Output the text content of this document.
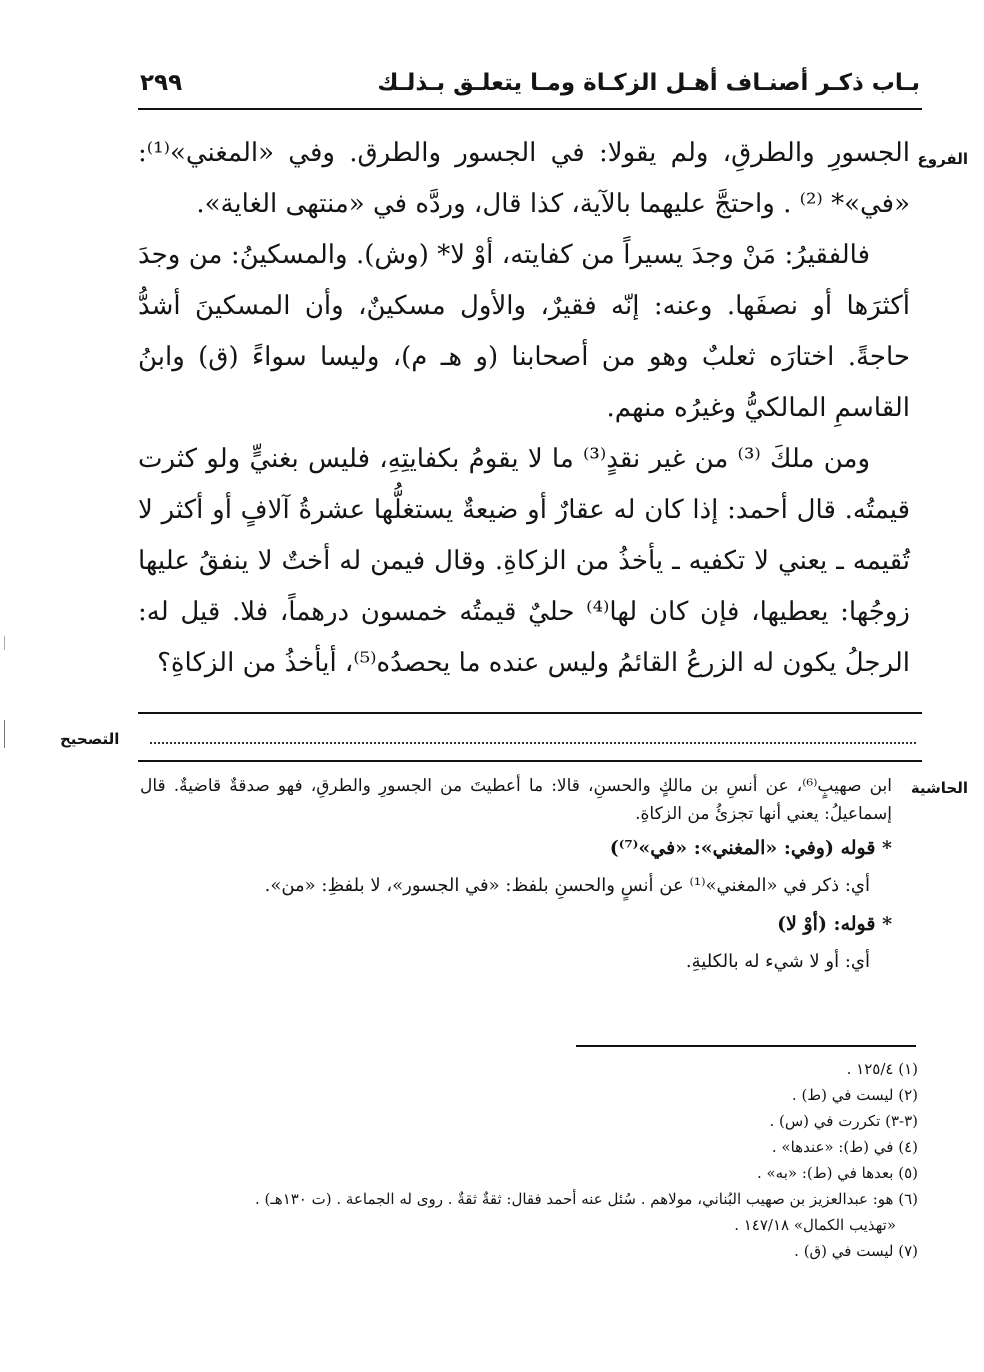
بـاب ذكـر أصنـاف أهـل الزكـاة ومـا يتعلـق بـذلـك
٢٩٩
الفروع

الجسورِ والطرقِ، ولم يقولا: في الجسور والطرق. وفي «المغني»⁽¹⁾: «في»* ⁽²⁾ . واحتجَّ عليهما بالآية، كذا قال، وردَّه في «منتهى الغاية».

فالفقيرُ: مَنْ وجدَ يسيراً من كفايته، أوْ لا* (وش). والمسكينُ: من وجدَ أكثرَها أو نصفَها. وعنه: إنّه فقيرٌ، والأول مسكينٌ، وأن المسكينَ أشدُّ حاجةً. اختارَه ثعلبٌ وهو من أصحابنا (و هـ م)، وليسا سواءً (ق) وابنُ القاسمِ المالكيُّ وغيرُه منهم.

ومن ملكَ ⁽³⁾ من غير نقدٍ⁽³⁾ ما لا يقومُ بكفايتِهِ، فليس بغنيٍّ ولو كثرت قيمتُه. قال أحمد: إذا كان له عقارٌ أو ضيعةٌ يستغلُّها عشرةُ آلافٍ أو أكثر لا تُقيمه ـ يعني لا تكفيه ـ يأخذُ من الزكاةِ. وقال فيمن له أختٌ لا ينفقُ عليها زوجُها: يعطيها، فإن كان لها⁽⁴⁾ حليٌ قيمتُه خمسون درهماً، فلا. قيل له: الرجلُ يكون له الزرعُ القائمُ وليس عنده ما يحصدُه⁽⁵⁾، أيأخذُ من الزكاةِ؟

التصحيح
الحاشية

ابن صهيبٍ⁽⁶⁾، عن أنسِ بن مالكٍ والحسنِ، قالا: ما أعطيتَ من الجسورِ والطرقِ، فهو صدقةٌ قاضيةٌ. قال إسماعيلُ: يعني أنها تجزئُ من الزكاةِ.

* قوله (وفي: «المغني»: «في»⁽⁷⁾)

أي: ذكر في «المغني»⁽¹⁾ عن أنسٍ والحسنِ بلفظ: «في الجسور»، لا بلفظِ: «من».

* قوله: (أوْ لا)

أي: أو لا شيء له بالكليةِ.

(١) ١٢٥/٤ .

(٢) ليست في (ط) .

(٣-٣) تكررت في (س) .

(٤) في (ط): «عندها» .

(٥) بعدها في (ط): «به» .

(٦) هو: عبدالعزيز بن صهيب البُناني، مولاهم . سُئل عنه أحمد فقال: ثقةٌ ثقةٌ . روى له الجماعة . (ت ١٣٠هـ) .

«تهذيب الكمال» ١٤٧/١٨ .

(٧) ليست في (ق) .
